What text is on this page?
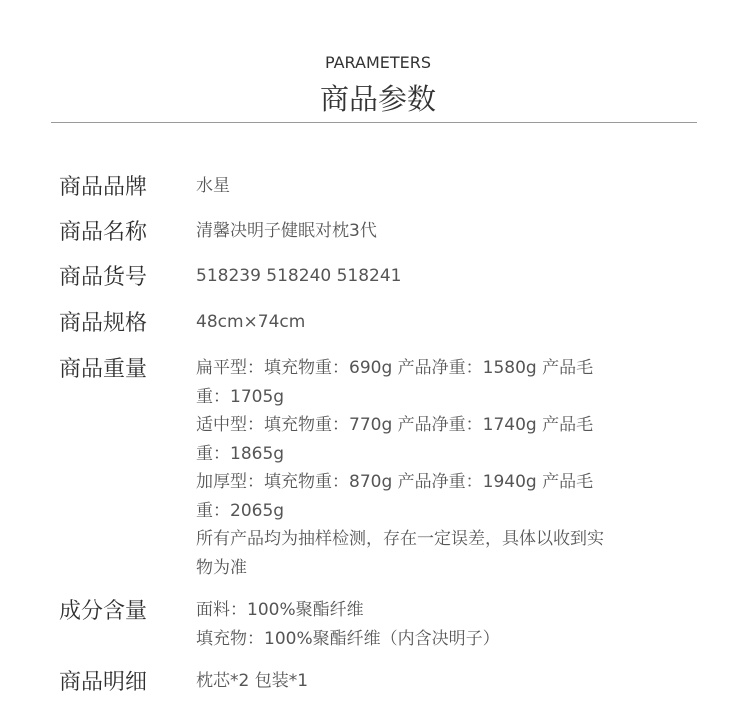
PARAMETERS
商品参数
商品品牌	水星
商品名称	清馨决明子健眠对枕3代
商品货号	518239 518240 518241
商品规格	48cm×74cm
商品重量	扁平型：填充物重：690g 产品净重：1580g 产品毛
重：1705g
适中型：填充物重：770g 产品净重：1740g 产品毛
重：1865g
加厚型：填充物重：870g 产品净重：1940g 产品毛
重：2065g
所有产品均为抽样检测，存在一定误差，具体以收到实
物为准
成分含量	面料：100%聚酯纤维
填充物：100%聚酯纤维（内含决明子）
商品明细	枕芯*2 包装*1
